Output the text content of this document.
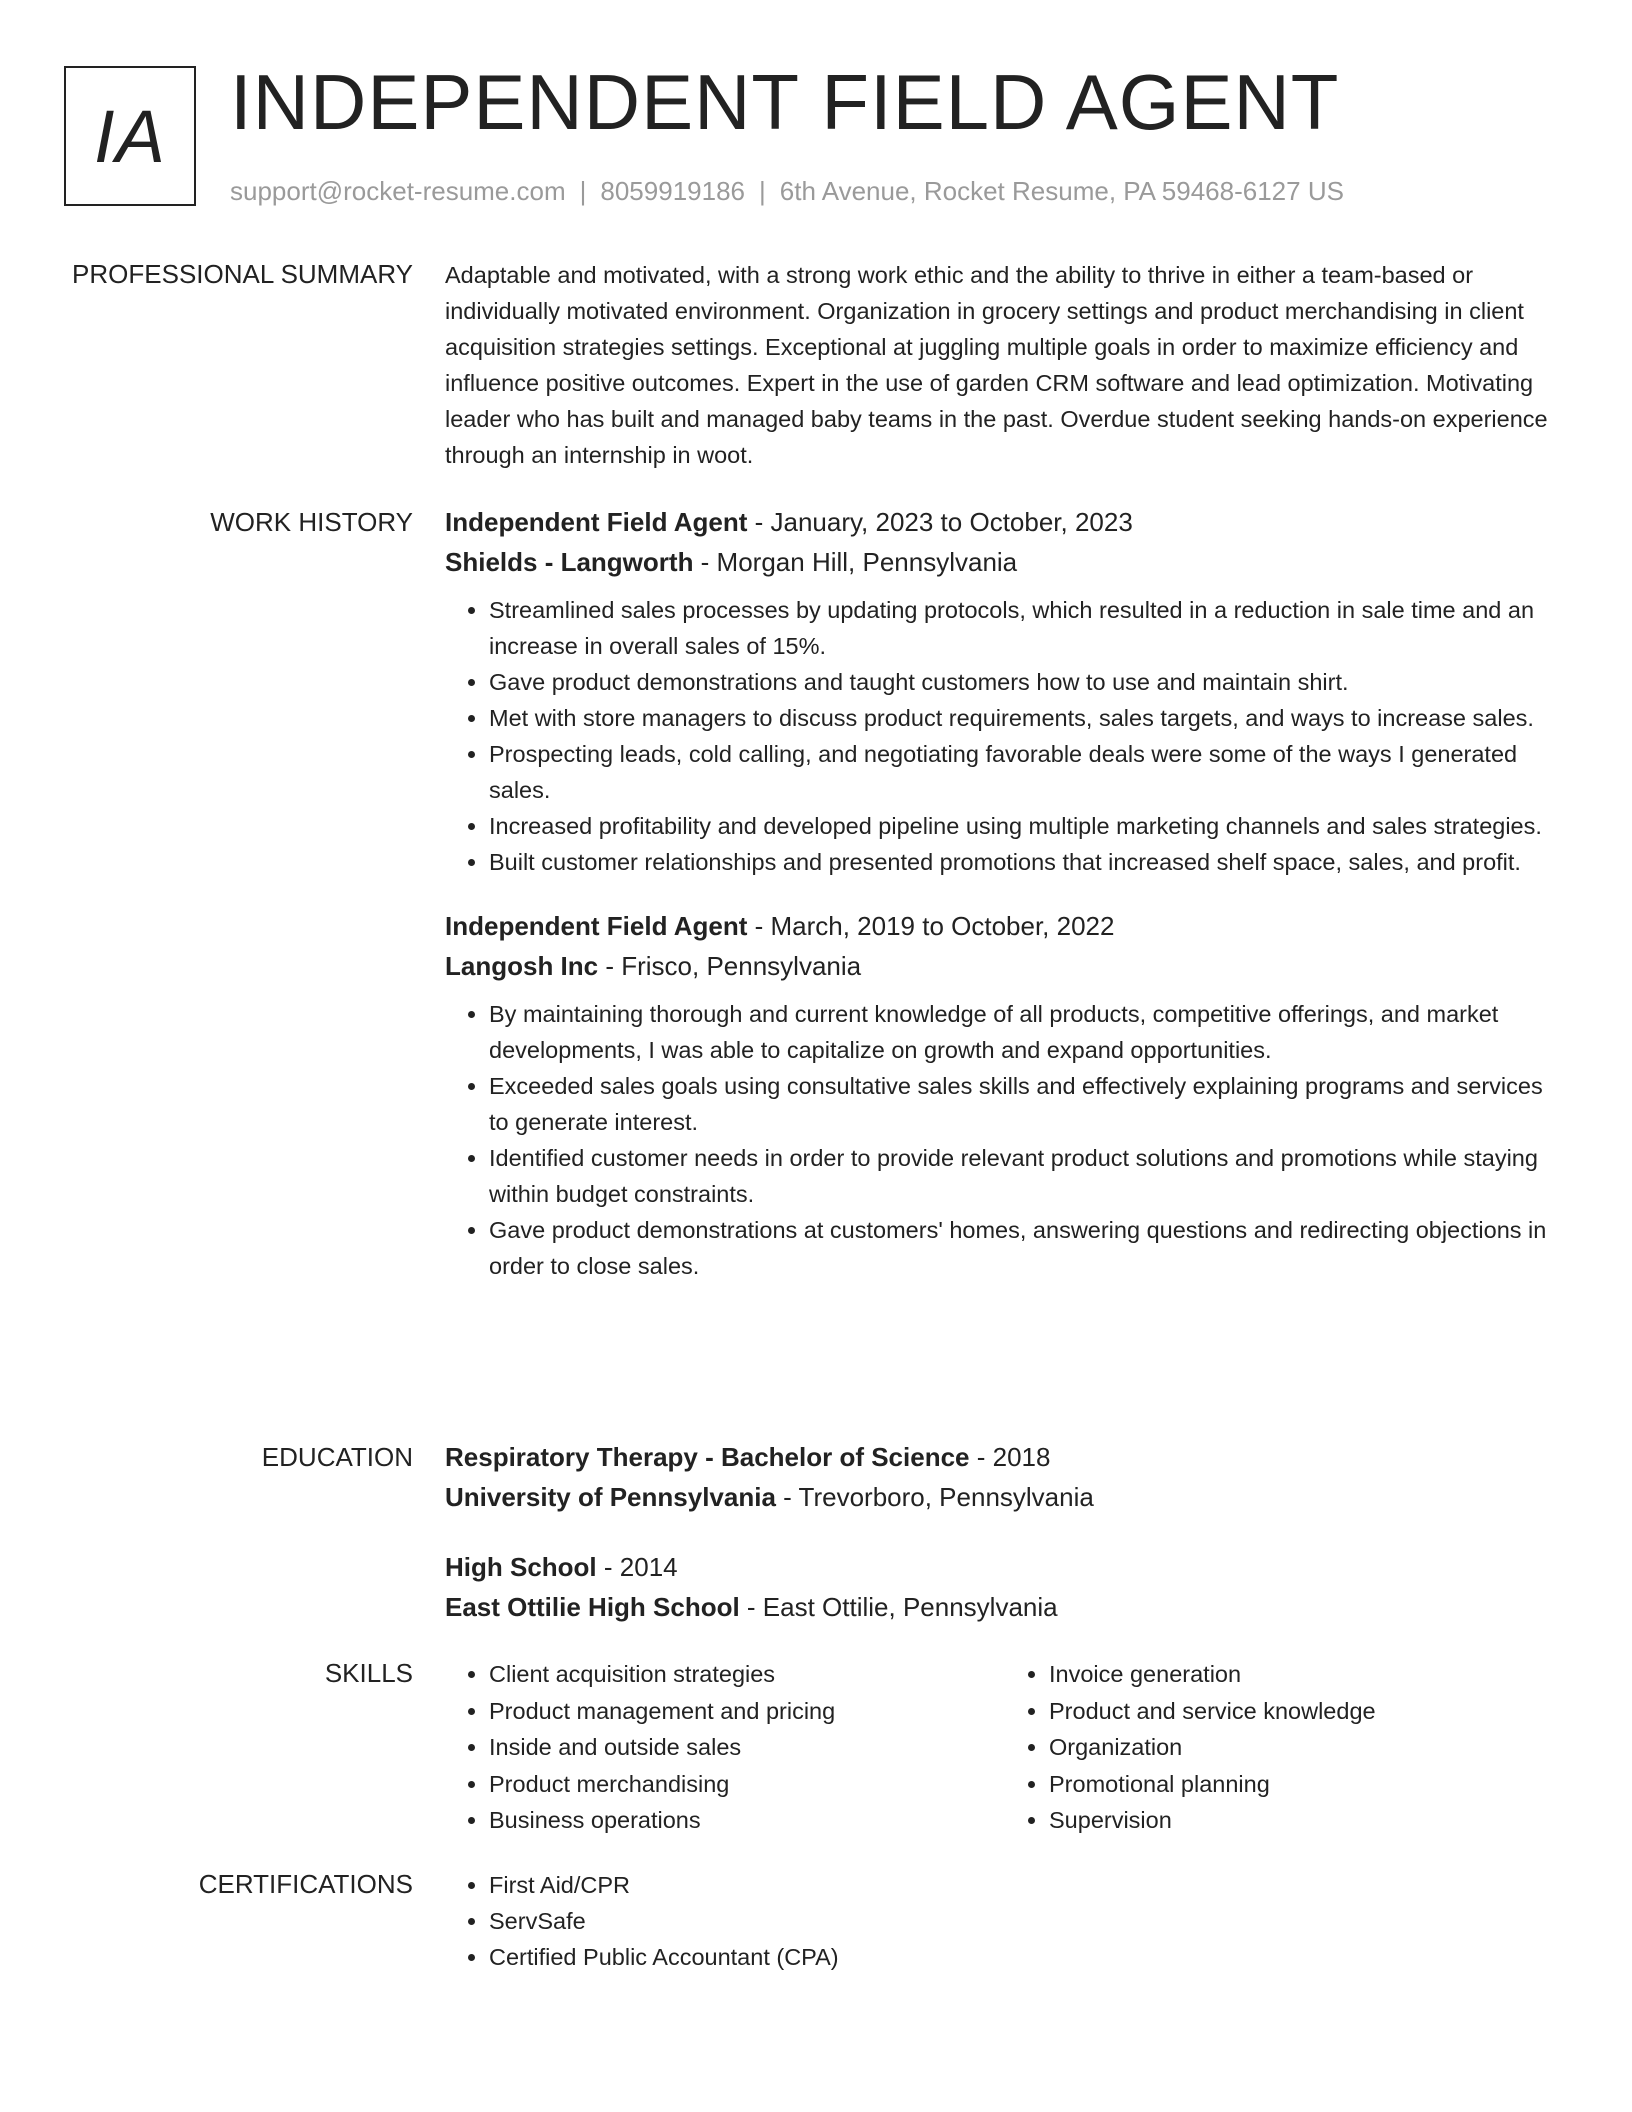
IA INDEPENDENT FIELD AGENT
support@rocket-resume.com | 8059919186 | 6th Avenue, Rocket Resume, PA 59468-6127 US
PROFESSIONAL SUMMARY Adaptable and motivated, with a strong work ethic and the ability to thrive in either a team-based or individually motivated environment. Organization in grocery settings and product merchandising in client acquisition strategies settings. Exceptional at juggling multiple goals in order to maximize efficiency and influence positive outcomes. Expert in the use of garden CRM software and lead optimization. Motivating leader who has built and managed baby teams in the past. Overdue student seeking hands-on experience through an internship in woot.
WORK HISTORY Independent Field Agent - January, 2023 to October, 2023
Shields - Langworth - Morgan Hill, Pennsylvania
• Streamlined sales processes by updating protocols, which resulted in a reduction in sale time and an increase in overall sales of 15%.
• Gave product demonstrations and taught customers how to use and maintain shirt.
• Met with store managers to discuss product requirements, sales targets, and ways to increase sales.
• Prospecting leads, cold calling, and negotiating favorable deals were some of the ways I generated sales.
• Increased profitability and developed pipeline using multiple marketing channels and sales strategies.
• Built customer relationships and presented promotions that increased shelf space, sales, and profit.
Independent Field Agent - March, 2019 to October, 2022
Langosh Inc - Frisco, Pennsylvania
• By maintaining thorough and current knowledge of all products, competitive offerings, and market developments, I was able to capitalize on growth and expand opportunities.
• Exceeded sales goals using consultative sales skills and effectively explaining programs and services to generate interest.
• Identified customer needs in order to provide relevant product solutions and promotions while staying within budget constraints.
• Gave product demonstrations at customers' homes, answering questions and redirecting objections in order to close sales.
EDUCATION Respiratory Therapy - Bachelor of Science - 2018
University of Pennsylvania - Trevorboro, Pennsylvania
High School - 2014
East Ottilie High School - East Ottilie, Pennsylvania
SKILLS	• Client acquisition strategies
• Product management and pricing
• Inside and outside sales
• Product merchandising
• Business operations
• Invoice generation
• Product and service knowledge
• Organization
• Promotional planning
• Supervision
CERTIFICATIONS	• First Aid/CPR
• ServSafe
• Certified Public Accountant (CPA)
